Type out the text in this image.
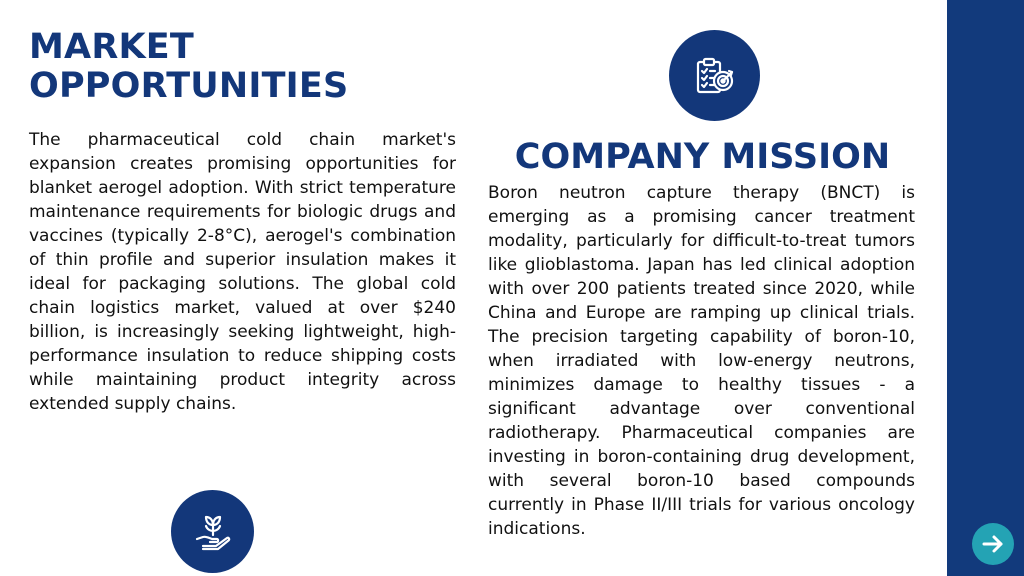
MARKET OPPORTUNITIES

The pharmaceutical cold chain market's expansion creates promising opportunities for blanket aerogel adoption. With strict temperature maintenance requirements for biologic drugs and vaccines (typically 2-8°C), aerogel's combination of thin profile and superior insulation makes it ideal for packaging solutions. The global cold chain logistics market, valued at over $240 billion, is increasingly seeking lightweight, high-performance insulation to reduce shipping costs while maintaining product integrity across extended supply chains.

COMPANY MISSION

Boron neutron capture therapy (BNCT) is emerging as a promising cancer treatment modality, particularly for difficult-to-treat tumors like glioblastoma. Japan has led clinical adoption with over 200 patients treated since 2020, while China and Europe are ramping up clinical trials. The precision targeting capability of boron-10, when irradiated with low-energy neutrons, minimizes damage to healthy tissues - a significant advantage over conventional radiotherapy. Pharmaceutical companies are investing in boron-containing drug development, with several boron-10 based compounds currently in Phase II/III trials for various oncology indications.
